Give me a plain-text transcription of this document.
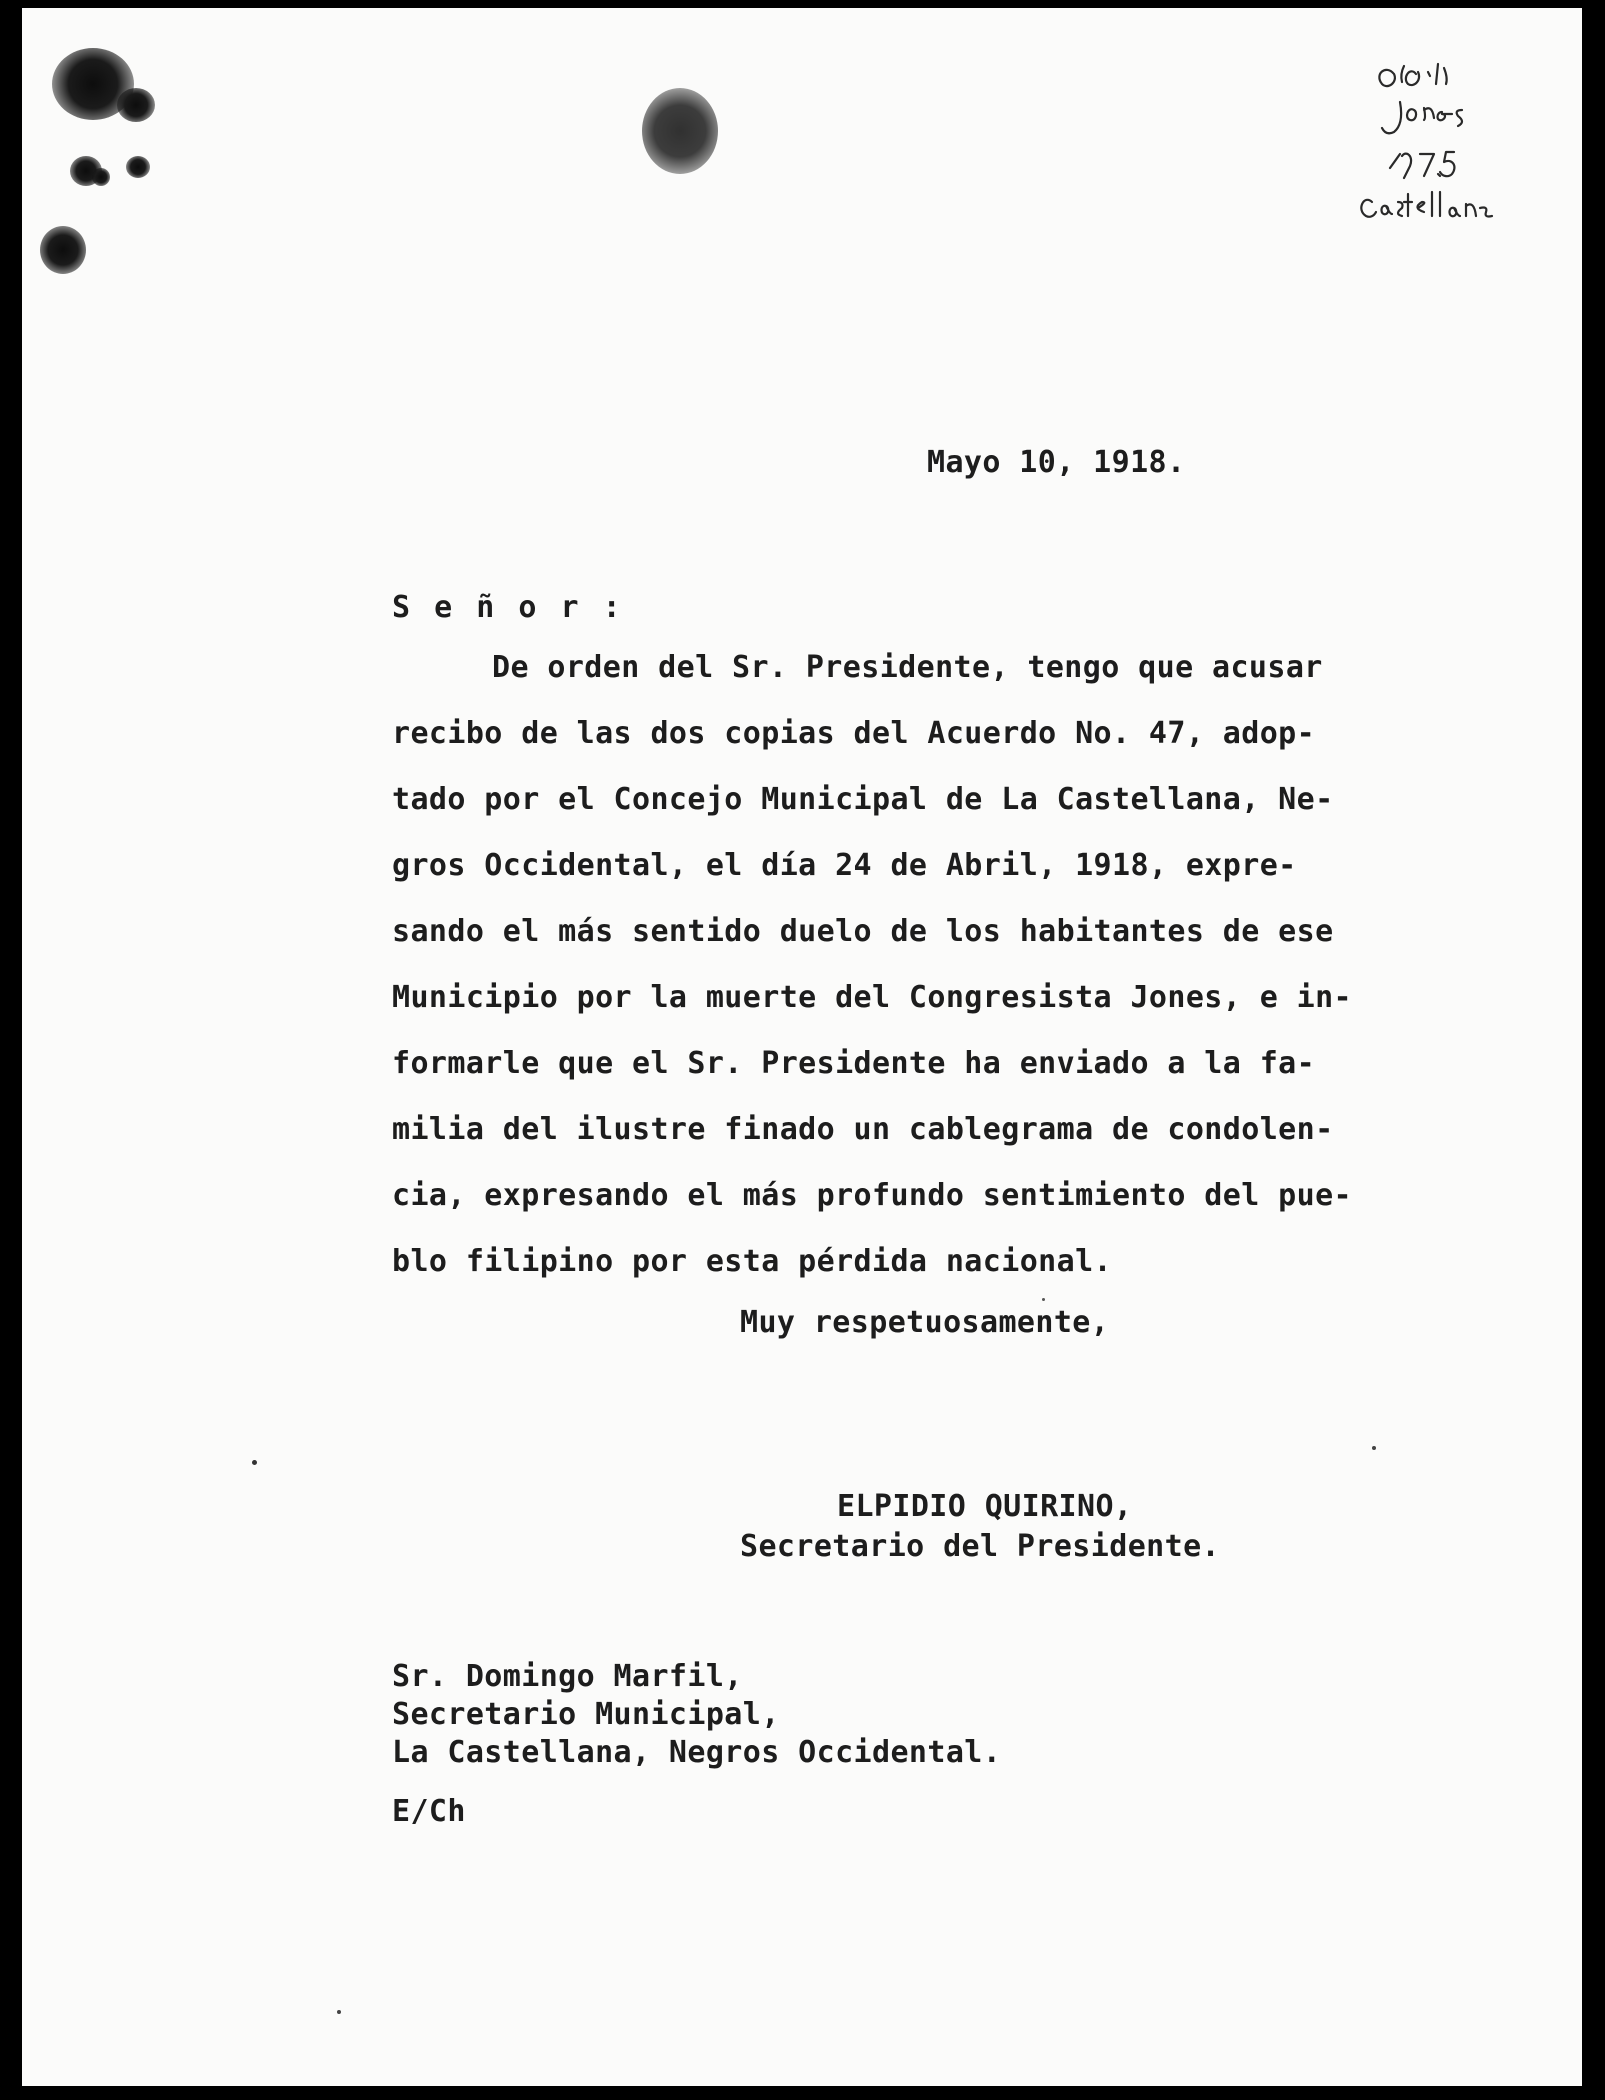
Mayo 10, 1918.
S e ñ o r :
De orden del Sr. Presidente, tengo que acusar
recibo de las dos copias del Acuerdo No. 47, adop-
tado por el Concejo Municipal de La Castellana, Ne-
gros Occidental, el día 24 de Abril, 1918, expre-
sando el más sentido duelo de los habitantes de ese
Municipio por la muerte del Congresista Jones, e in-
formarle que el Sr. Presidente ha enviado a la fa-
milia del ilustre finado un cablegrama de condolen-
cia, expresando el más profundo sentimiento del pue-
blo filipino por esta pérdida nacional.
Muy respetuosamente,
ELPIDIO QUIRINO,
Secretario del Presidente.
Sr. Domingo Marfil,
Secretario Municipal,
La Castellana, Negros Occidental.
E/Ch
